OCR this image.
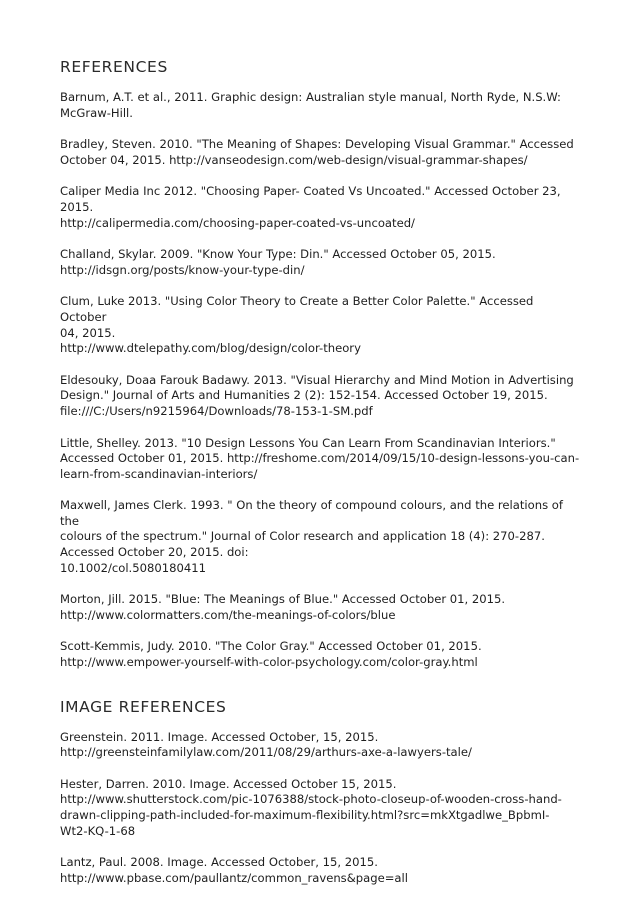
REFERENCES

Barnum, A.T. et al., 2011. Graphic design: Australian style manual, North Ryde, N.S.W:
McGraw-Hill.

Bradley, Steven. 2010. "The Meaning of Shapes: Developing Visual Grammar." Accessed
October 04, 2015. http://vanseodesign.com/web-design/visual-grammar-shapes/

Caliper Media Inc 2012. "Choosing Paper- Coated Vs Uncoated." Accessed October 23,
2015.
http://calipermedia.com/choosing-paper-coated-vs-uncoated/

Challand, Skylar. 2009. "Know Your Type: Din." Accessed October 05, 2015.
http://idsgn.org/posts/know-your-type-din/

Clum, Luke 2013. "Using Color Theory to Create a Better Color Palette." Accessed October
04, 2015.
http://www.dtelepathy.com/blog/design/color-theory

Eldesouky, Doaa Farouk Badawy. 2013. "Visual Hierarchy and Mind Motion in Advertising
Design." Journal of Arts and Humanities 2 (2): 152-154. Accessed October 19, 2015.
file:///C:/Users/n9215964/Downloads/78-153-1-SM.pdf

Little, Shelley. 2013. "10 Design Lessons You Can Learn From Scandinavian Interiors."
Accessed October 01, 2015. http://freshome.com/2014/09/15/10-design-lessons-you-can-
learn-from-scandinavian-interiors/

Maxwell, James Clerk. 1993. " On the theory of compound colours, and the relations of the
colours of the spectrum." Journal of Color research and application 18 (4): 270-287.
Accessed October 20, 2015. doi:
10.1002/col.5080180411

Morton, Jill. 2015. "Blue: The Meanings of Blue." Accessed October 01, 2015.
http://www.colormatters.com/the-meanings-of-colors/blue

Scott-Kemmis, Judy. 2010. "The Color Gray." Accessed October 01, 2015.
http://www.empower-yourself-with-color-psychology.com/color-gray.html

IMAGE REFERENCES

Greenstein. 2011. Image. Accessed October, 15, 2015.
http://greensteinfamilylaw.com/2011/08/29/arthurs-axe-a-lawyers-tale/

Hester, Darren. 2010. Image. Accessed October 15, 2015.
http://www.shutterstock.com/pic-1076388/stock-photo-closeup-of-wooden-cross-hand-
drawn-clipping-path-included-for-maximum-flexibility.html?src=mkXtgadlwe_BpbmI-
Wt2-KQ-1-68

Lantz, Paul. 2008. Image. Accessed October, 15, 2015.
http://www.pbase.com/paullantz/common_ravens&page=all
